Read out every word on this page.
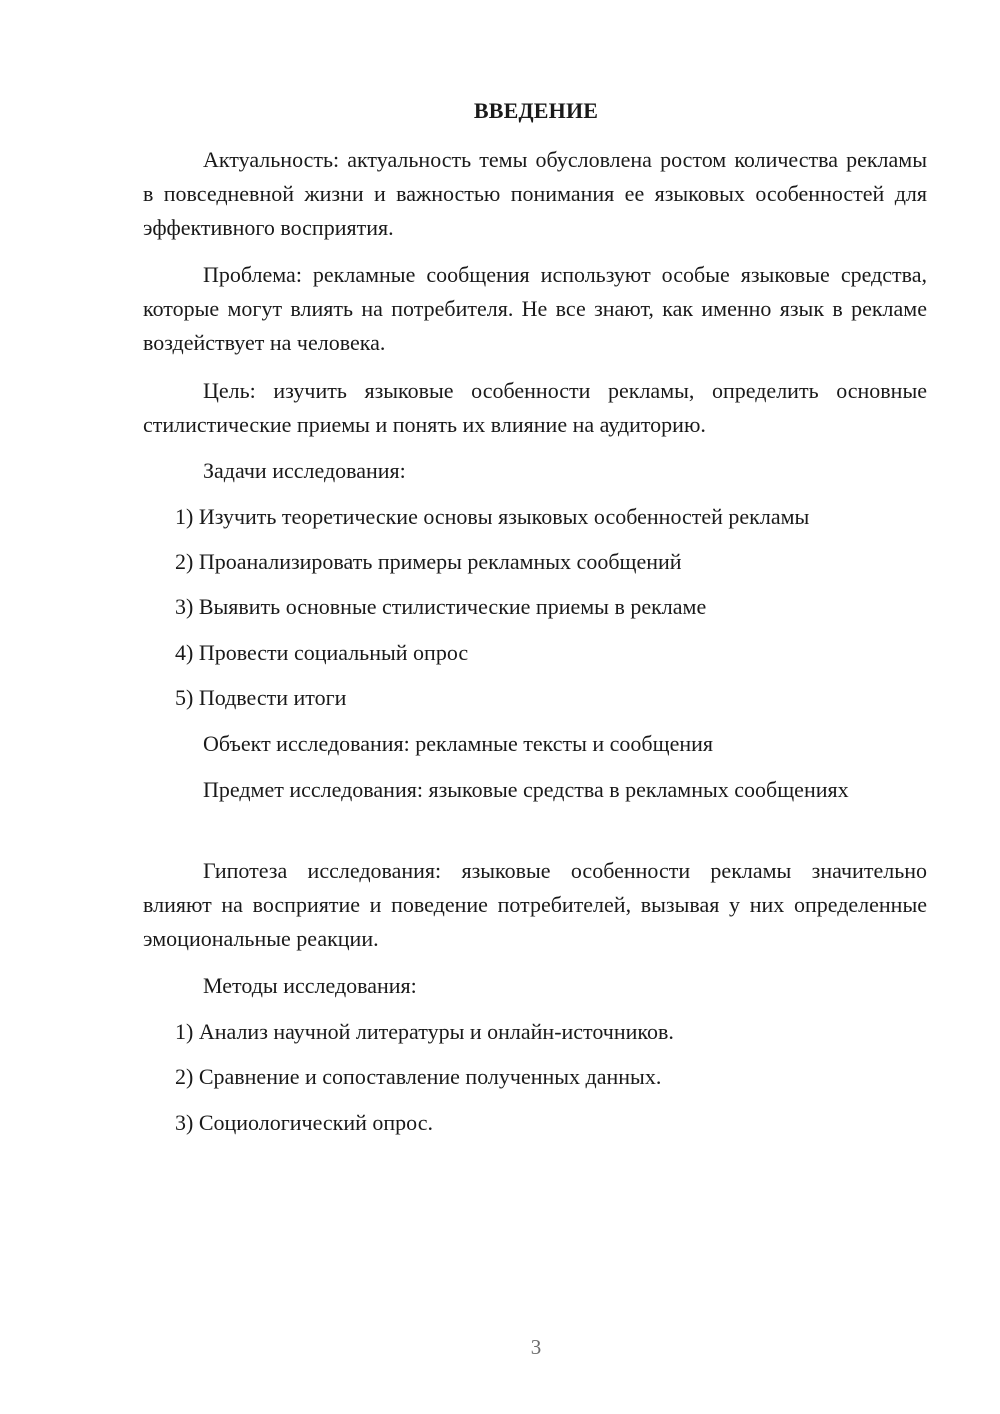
ВВЕДЕНИЕ

Актуальность: актуальность темы обусловлена ростом количества рекламы в повседневной жизни и важностью понимания ее языковых особенностей для эффективного восприятия.

Проблема: рекламные сообщения используют особые языковые средства, которые могут влиять на потребителя. Не все знают, как именно язык в рекламе воздействует на человека.

Цель: изучить языковые особенности рекламы, определить основные стилистические приемы и понять их влияние на аудиторию.

Задачи исследования:

1) Изучить теоретические основы языковых особенностей рекламы

2) Проанализировать примеры рекламных сообщений

3) Выявить основные стилистические приемы в рекламе

4) Провести социальный опрос

5) Подвести итоги

Объект исследования: рекламные тексты и сообщения

Предмет исследования: языковые средства в рекламных сообщениях

Гипотеза исследования: языковые особенности рекламы значительно влияют на восприятие и поведение потребителей, вызывая у них определенные эмоциональные реакции.

Методы исследования:

1) Анализ научной литературы и онлайн-источников.

2) Сравнение и сопоставление полученных данных.

3) Социологический опрос.

3
